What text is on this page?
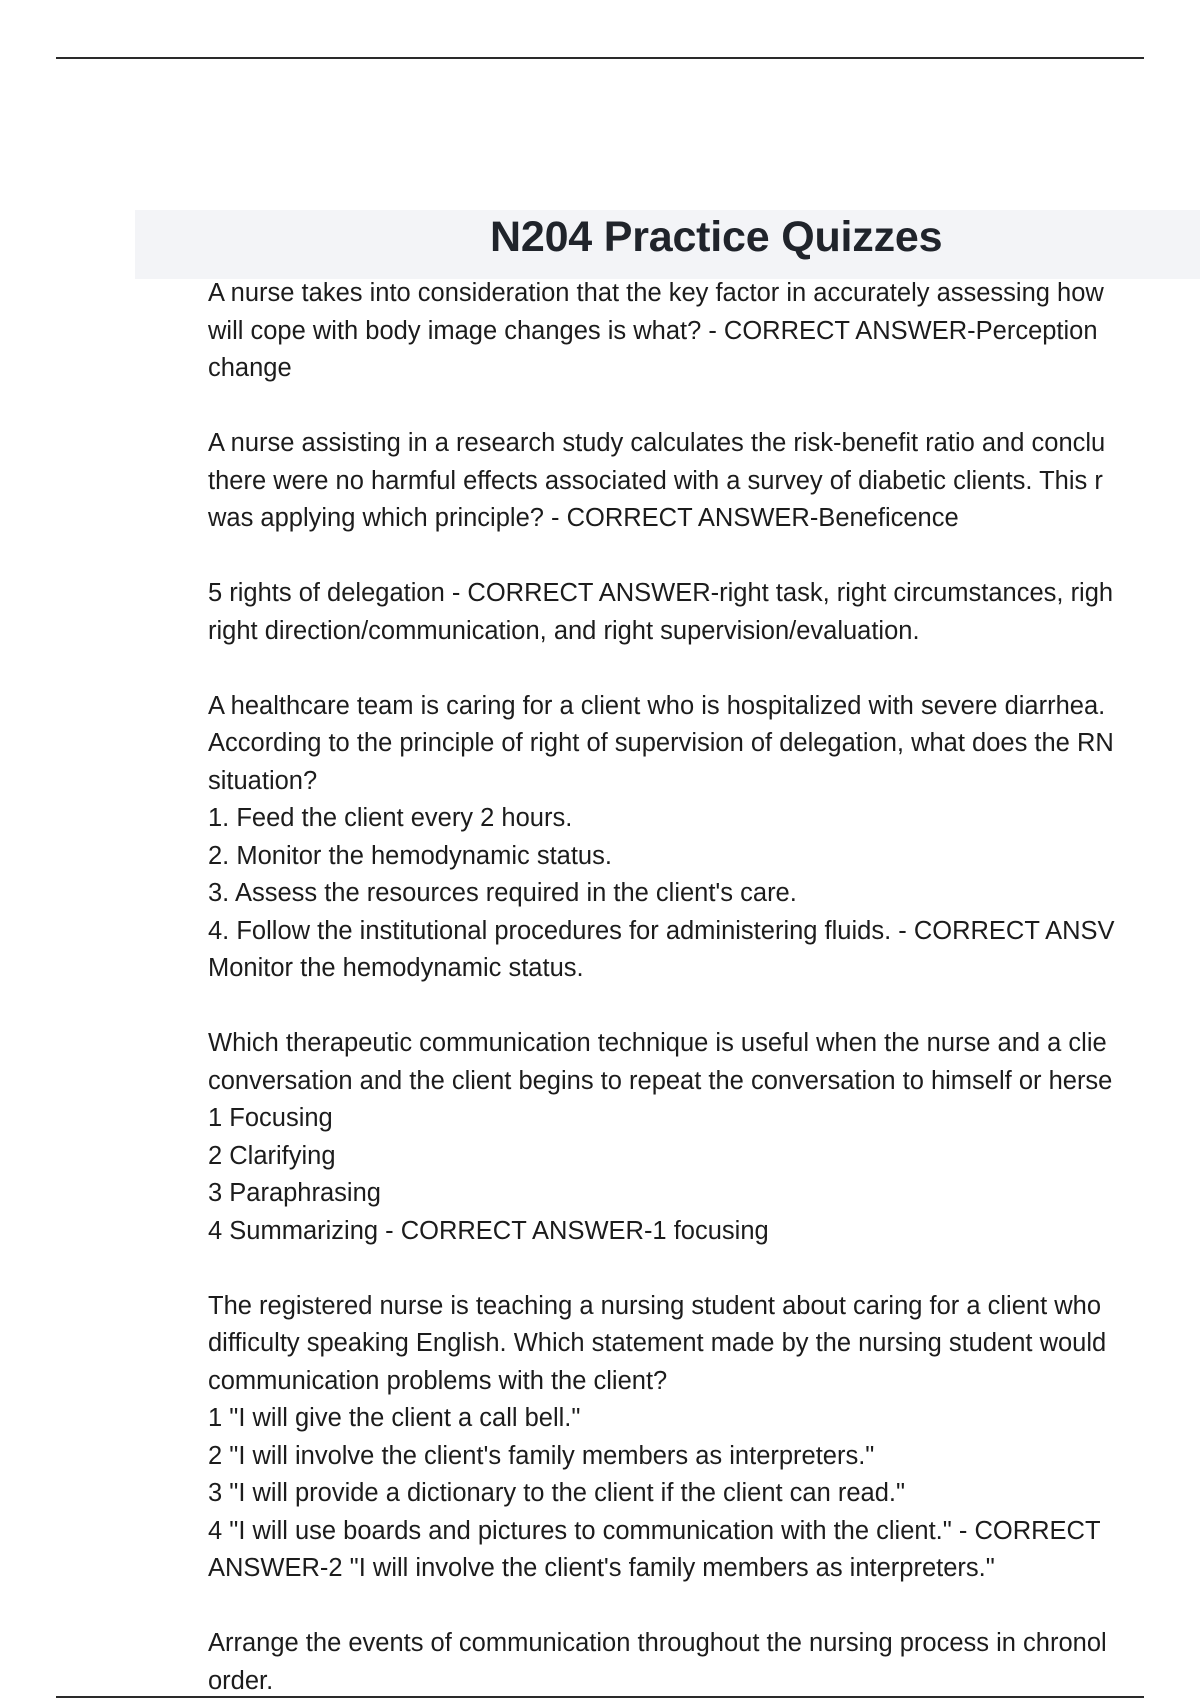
N204 Practice Quizzes
A nurse takes into consideration that the key factor in accurately assessing how
will cope with body image changes is what? - CORRECT ANSWER-Perception
change
A nurse assisting in a research study calculates the risk-benefit ratio and conclu
there were no harmful effects associated with a survey of diabetic clients. This r
was applying which principle? - CORRECT ANSWER-Beneficence
5 rights of delegation - CORRECT ANSWER-right task, right circumstances, righ
right direction/communication, and right supervision/evaluation.
A healthcare team is caring for a client who is hospitalized with severe diarrhea.
According to the principle of right of supervision of delegation, what does the RN
situation?
1. Feed the client every 2 hours.
2. Monitor the hemodynamic status.
3. Assess the resources required in the client's care.
4. Follow the institutional procedures for administering fluids. - CORRECT ANSV
Monitor the hemodynamic status.
Which therapeutic communication technique is useful when the nurse and a clie
conversation and the client begins to repeat the conversation to himself or herse
1 Focusing
2 Clarifying
3 Paraphrasing
4 Summarizing - CORRECT ANSWER-1 focusing
The registered nurse is teaching a nursing student about caring for a client who
difficulty speaking English. Which statement made by the nursing student would
communication problems with the client?
1 "I will give the client a call bell."
2 "I will involve the client's family members as interpreters."
3 "I will provide a dictionary to the client if the client can read."
4 "I will use boards and pictures to communication with the client." - CORRECT
ANSWER-2 "I will involve the client's family members as interpreters."
Arrange the events of communication throughout the nursing process in chronol
order.
